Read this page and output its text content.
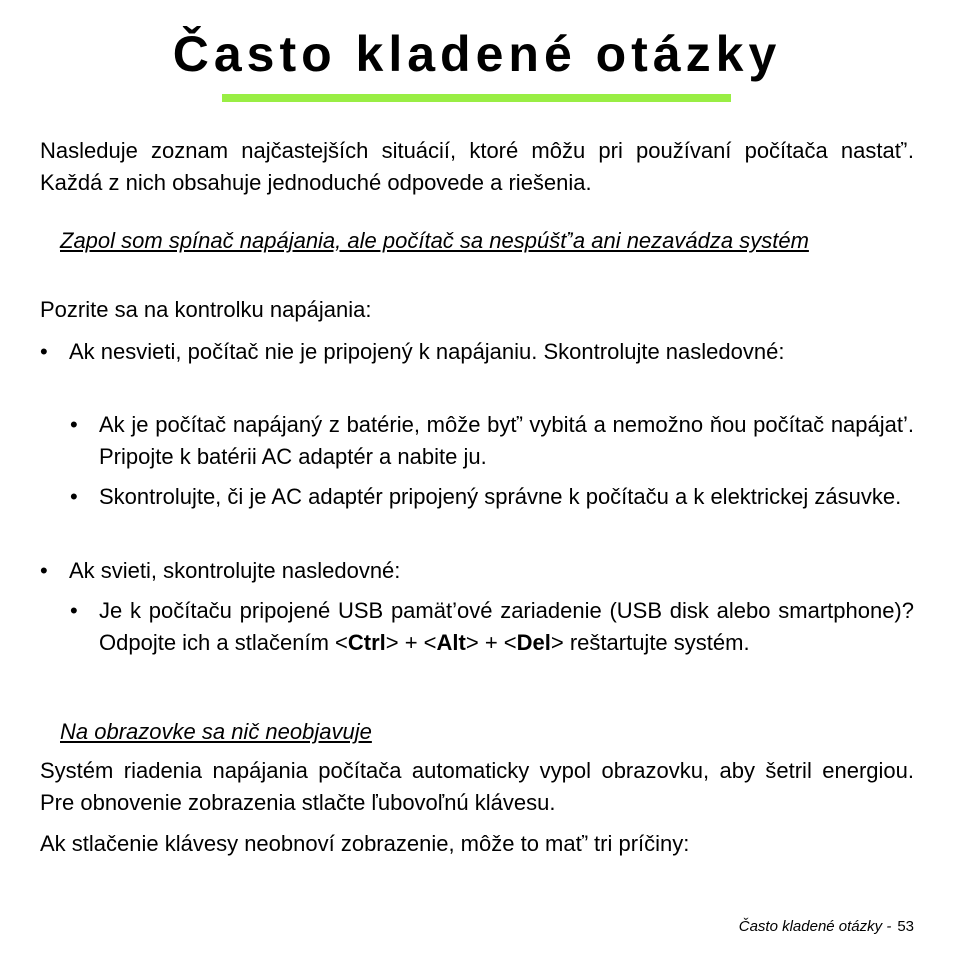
Často kladené otázky
Nasleduje zoznam najčastejších situácií, ktoré môžu pri používaní počítača nastať’. Každá z nich obsahuje jednoduché odpovede a riešenia.
Zapol som spínač napájania, ale počítač sa nespúšť’a ani nezavádza systém
Pozrite sa na kontrolku napájania:
• Ak nesvieti, počítač nie je pripojený k napájaniu. Skontrolujte nasledovné:
• Ak je počítač napájaný z batérie, môže byť’ vybitá a nemožno ňou počítač napájat’. Pripojte k batérii AC adaptér a nabite ju.
• Skontrolujte, či je AC adaptér pripojený správne k počítaču a k elektrickej zásuvke.
• Ak svieti, skontrolujte nasledovné:
• Je k počítaču pripojené USB pamät’ové zariadenie (USB disk alebo smartphone)? Odpojte ich a stlačením <Ctrl> + <Alt> + <Del> reštartujte systém.
Na obrazovke sa nič neobjavuje
Systém riadenia napájania počítača automaticky vypol obrazovku, aby šetril energiou. Pre obnovenie zobrazenia stlačte ľubovoľnú klávesu.
Ak stlačenie klávesy neobnoví zobrazenie, môže to mať’ tri príčiny:
Často kladené otázky - 53
